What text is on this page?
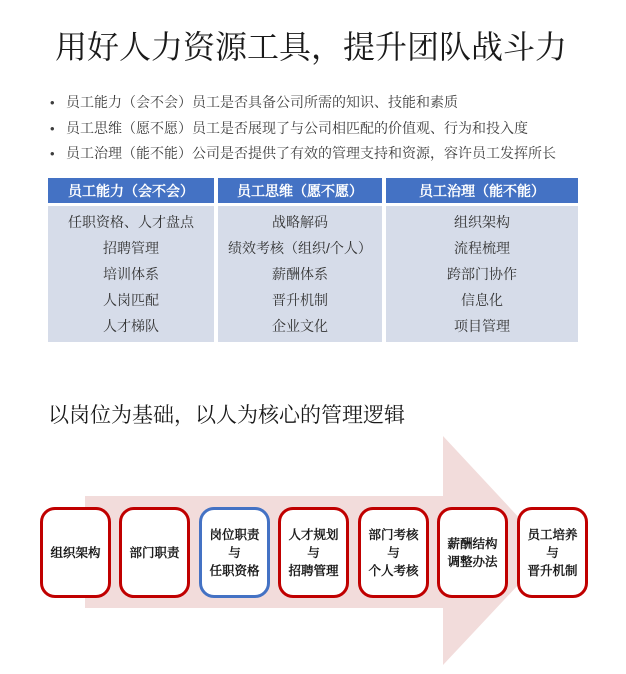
用好人力资源工具，提升团队战斗力
• 员工能力（会不会）员工是否具备公司所需的知识、技能和素质
• 员工思维（愿不愿）员工是否展现了与公司相匹配的价值观、行为和投入度
• 员工治理（能不能）公司是否提供了有效的管理支持和资源，容许员工发挥所长
员工能力（会不会）
任职资格、人才盘点
招聘管理
培训体系
人岗匹配
人才梯队
员工思维（愿不愿）
战略解码
绩效考核（组织/个人）
薪酬体系
晋升机制
企业文化
员工治理（能不能）
组织架构
流程梳理
跨部门协作
信息化
项目管理
以岗位为基础，以人为核心的管理逻辑
组织架构 部门职责
岗位职责
与
任职资格
人才规划
与
招聘管理
部门考核
与
个人考核
薪酬结构
调整办法
员工培养
与
晋升机制
